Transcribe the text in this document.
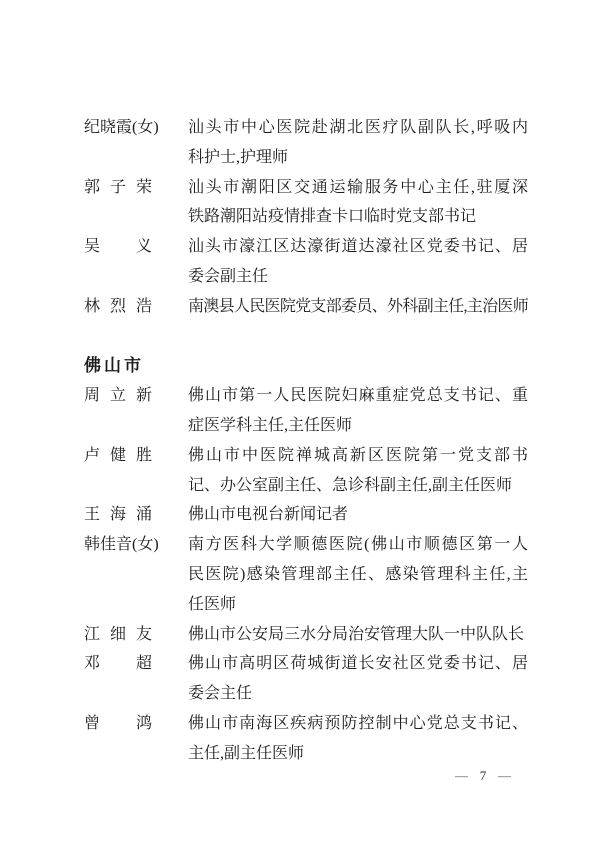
纪晓霞(女)	汕头市中心医院赴湖北医疗队副队长,呼吸内
科护士,护理师
郭子荣	汕头市潮阳区交通运输服务中心主任,驻厦深
铁路潮阳站疫情排查卡口临时党支部书记
吴　义	汕头市濠江区达濠街道达濠社区党委书记、居
委会副主任
林烈浩	南澳县人民医院党支部委员、外科副主任,主治医师
佛山市
周立新	佛山市第一人民医院妇麻重症党总支书记、重
症医学科主任,主任医师
卢健胜	佛山市中医院禅城高新区医院第一党支部书
记、办公室副主任、急诊科副主任,副主任医师
王海涌	佛山市电视台新闻记者
韩佳音(女)	南方医科大学顺德医院(佛山市顺德区第一人
民医院)感染管理部主任、感染管理科主任,主
任医师
江细友	佛山市公安局三水分局治安管理大队一中队队长
邓　超	佛山市高明区荷城街道长安社区党委书记、居
委会主任
曾　鸿	佛山市南海区疾病预防控制中心党总支书记、
主任,副主任医师
— 7 —
